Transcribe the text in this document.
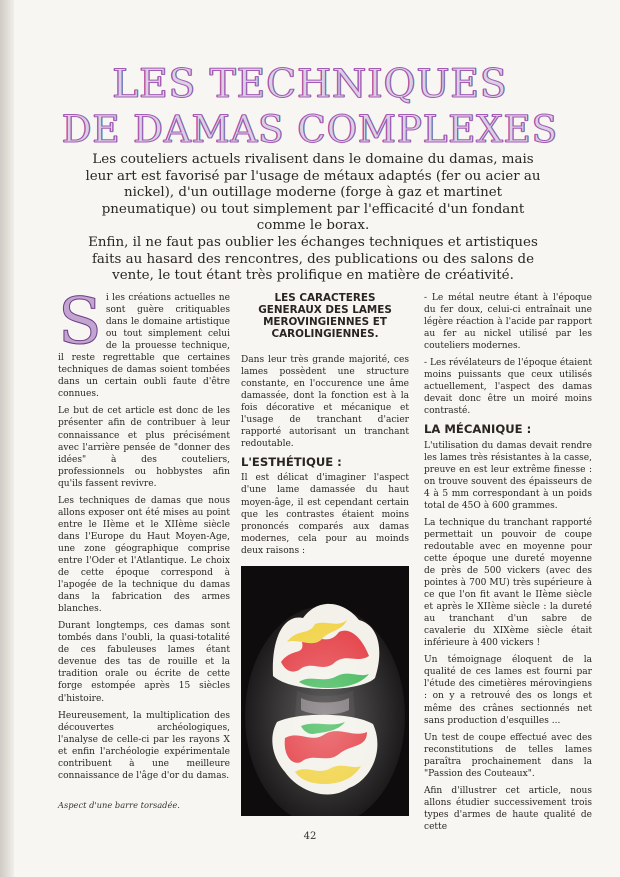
LES TECHNIQUES
DE DAMAS COMPLEXES
Les couteliers actuels rivalisent dans le domaine du damas, mais leur art est favorisé par l'usage de métaux adaptés (fer ou acier au nickel), d'un outillage moderne (forge à gaz et martinet pneumatique) ou tout simplement par l'efficacité d'un fondant comme le borax.
Enfin, il ne faut pas oublier les échanges techniques et artistiques faits au hasard des rencontres, des publications ou des salons de vente, le tout étant très prolifique en matière de créativité.

Si les créations actuelles ne sont guère critiquables dans le domaine artistique ou tout simplement celui de la prouesse technique, il reste regrettable que certaines techniques de damas soient tombées dans un certain oubli faute d'être connues.

Le but de cet article est donc de les présenter afin de contribuer à leur connaissance et plus précisément avec l'arrière pensée de "donner des idées" à des couteliers, professionnels ou hobbystes afin qu'ils fassent revivre.

Les techniques de damas que nous allons exposer ont été mises au point entre le IIème et le XIIème siècle dans l'Europe du Haut Moyen-Age, une zone géographique comprise entre l'Oder et l'Atlantique. Le choix de cette époque correspond à l'apogée de la technique du damas dans la fabrication des armes blanches.

Durant longtemps, ces damas sont tombés dans l'oubli, la quasi-totalité de ces fabuleuses lames étant devenue des tas de rouille et la tradition orale ou écrite de cette forge estompée après 15 siècles d'histoire.

Heureusement, la multiplication des découvertes archéologiques, l'analyse de celle-ci par les rayons X et enfin l'archéologie expérimentale contribuent à une meilleure connaissance de l'âge d'or du damas.

Aspect d'une barre torsadée.
LES CARACTERES GENERAUX DES LAMES MEROVINGIENNES ET CAROLINGIENNES.

Dans leur très grande majorité, ces lames possèdent une structure constante, en l'occurence une âme damassée, dont la fonction est à la fois décorative et mécanique et l'usage de tranchant d'acier rapporté autorisant un tranchant redoutable.

L'ESTHÉTIQUE :

Il est délicat d'imaginer l'aspect d'une lame damassée du haut moyen-âge, il est cependant certain que les contrastes étaient moins prononcés comparés aux damas modernes, cela pour au moinds deux raisons :

- Le métal neutre étant à l'époque du fer doux, celui-ci entraînait une légère réaction à l'acide par rapport au fer au nickel utilisé par les couteliers modernes.

- Les révélateurs de l'époque étaient moins puissants que ceux utilisés actuellement, l'aspect des damas devait donc être un moiré moins contrasté.

LA MÉCANIQUE :

L'utilisation du damas devait rendre les lames très résistantes à la casse, preuve en est leur extrême finesse : on trouve souvent des épaisseurs de 4 à 5 mm correspondant à un poids total de 45O à 600 grammes.

La technique du tranchant rapporté permettait un pouvoir de coupe redoutable avec en moyenne pour cette époque une dureté moyenne de près de 500 vickers (avec des pointes à 700 MU) très supérieure à ce que l'on fit avant le IIème siècle et après le XIIème siècle : la dureté au tranchant d'un sabre de cavalerie du XIXème siècle était inférieure à 400 vickers !

Un témoignage éloquent de la qualité de ces lames est fourni par l'étude des cimetières mérovingiens : on y a retrouvé des os longs et même des crânes sectionnés net sans production d'esquilles ...

Un test de coupe effectué avec des reconstitutions de telles lames paraîtra prochainement dans la "Passion des Couteaux".

Afin d'illustrer cet article, nous allons étudier successivement trois types d'armes de haute qualité de cette

42
